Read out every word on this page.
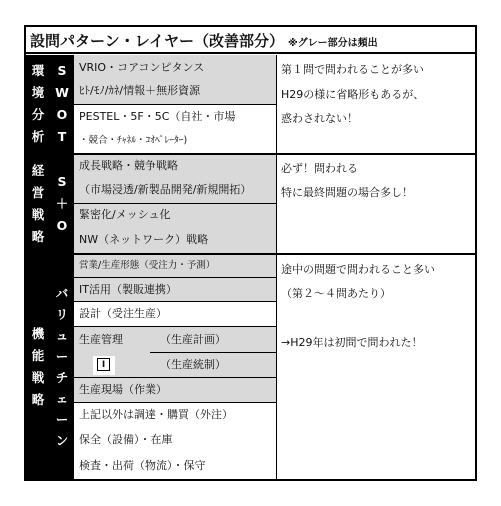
設問パターン・レイヤー（改善部分） ※グレー部分は頻出
環
境
分
析
S
W
O
T
VRIO・コアコンピタンス
ﾋﾄ/ﾓﾉ/ｶﾈ/情報＋無形資源
PESTEL・5F・5C（自社・市場
・競合・ﾁｬﾈﾙ・ｺｵﾍﾟﾚｰﾀｰ)
第１問で問われることが多い
H29の様に省略形もあるが、
惑わされない！
経
営
戦
略
S
＋
O
成長戦略・競争戦略
（市場浸透/新製品開発/新規開拓）
緊密化/メッシュ化
NW（ネットワーク）戦略
必ず！問われる
特に最終問題の場合多し！
機
能
戦
略
バ
リ
ュ
ー
チ
ェ
ー
ン
営業/生産形態（受注力・予測）
IT活用（製販連携）
設計（受注生産）
生産管理	（生産計画）
I	（生産統制）
生産現場（作業）
上記以外は調達・購買（外注）
保全（設備）・在庫
検査・出荷（物流）・保守
途中の問題で問われること多い
（第２～４問あたり）
→H29年は初問で問われた！
